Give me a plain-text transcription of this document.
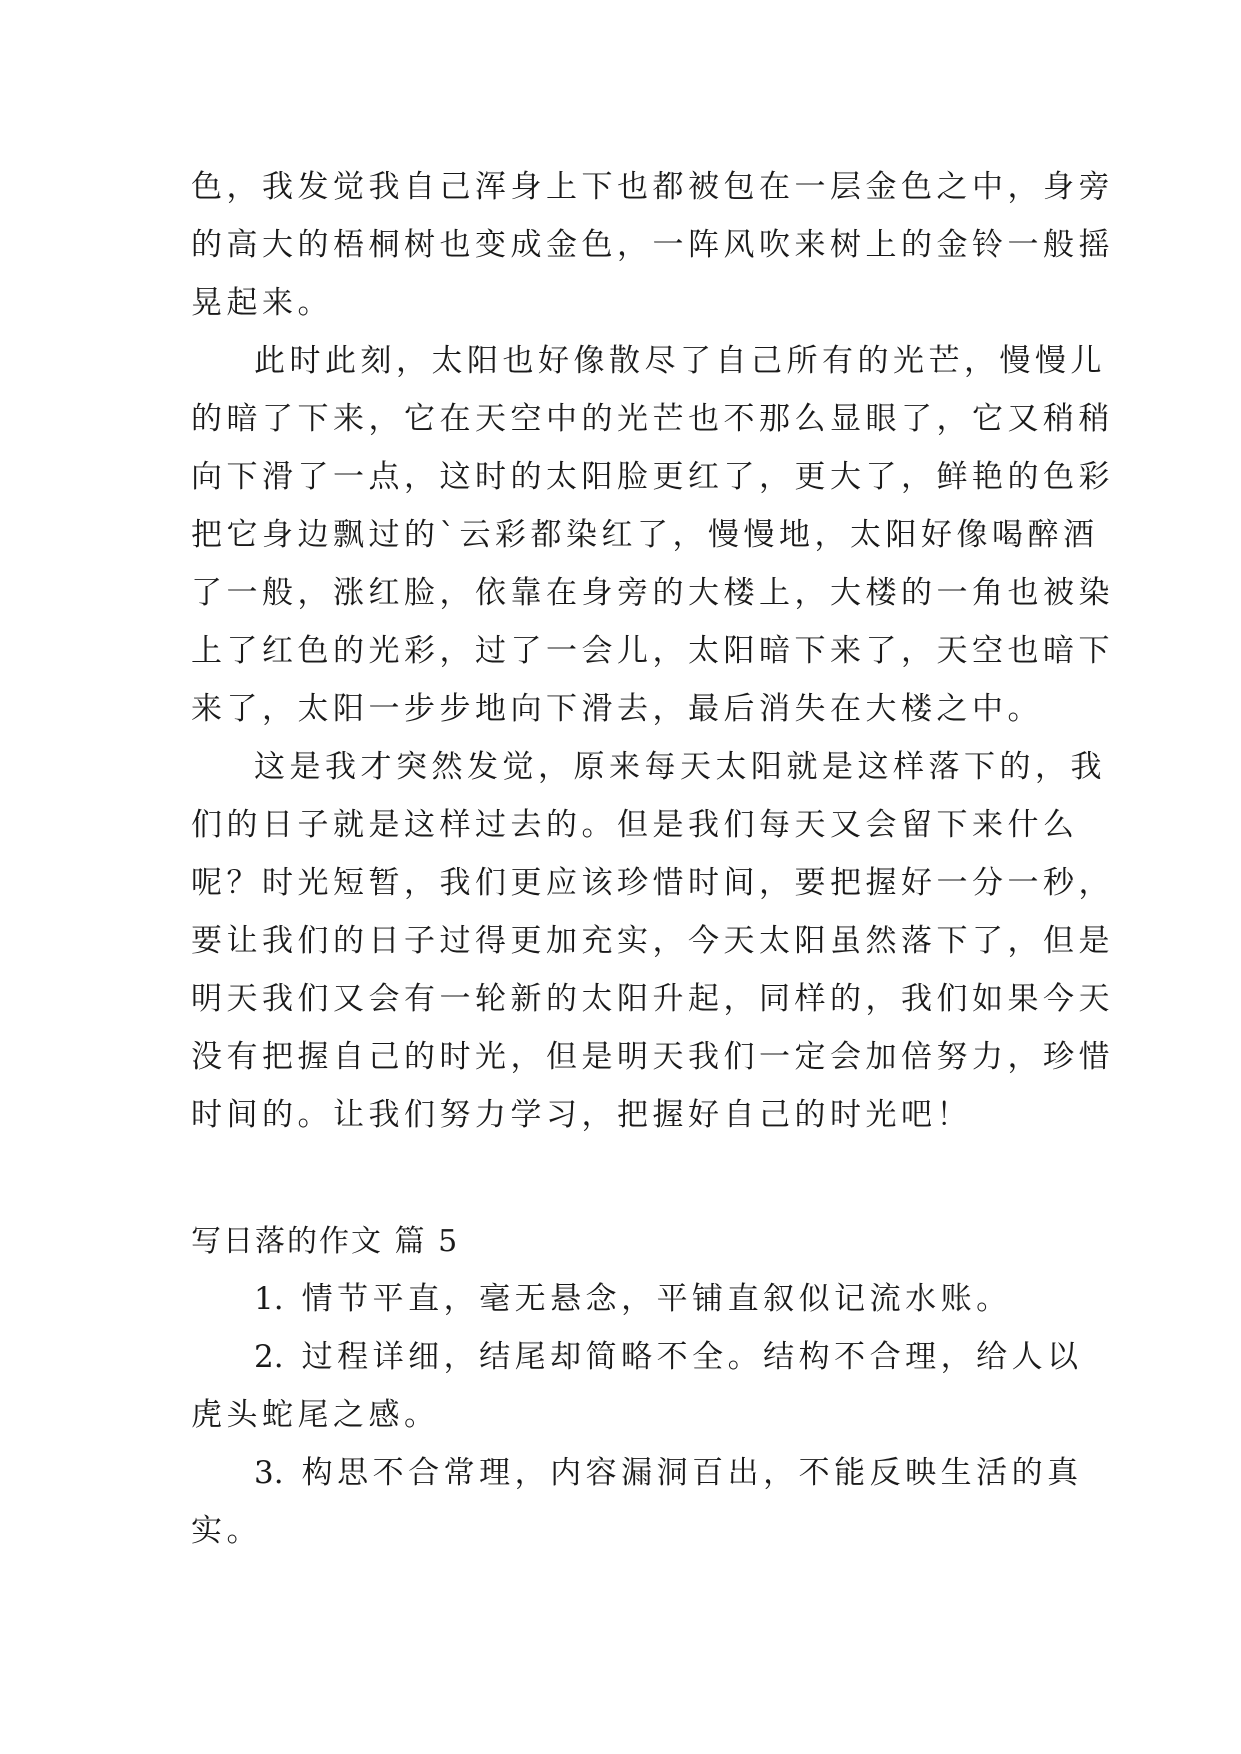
色，我发觉我自己浑身上下也都被包在一层金色之中，身旁
的高大的梧桐树也变成金色，一阵风吹来树上的金铃一般摇
晃起来。
此时此刻，太阳也好像散尽了自己所有的光芒，慢慢儿
的暗了下来，它在天空中的光芒也不那么显眼了，它又稍稍
向下滑了一点，这时的太阳脸更红了，更大了，鲜艳的色彩
把它身边飘过的`云彩都染红了，慢慢地，太阳好像喝醉酒
了一般，涨红脸，依靠在身旁的大楼上，大楼的一角也被染
上了红色的光彩，过了一会儿，太阳暗下来了，天空也暗下
来了，太阳一步步地向下滑去，最后消失在大楼之中。
这是我才突然发觉，原来每天太阳就是这样落下的，我
们的日子就是这样过去的。但是我们每天又会留下来什么
呢？时光短暂，我们更应该珍惜时间，要把握好一分一秒，
要让我们的日子过得更加充实，今天太阳虽然落下了，但是
明天我们又会有一轮新的太阳升起，同样的，我们如果今天
没有把握自己的时光，但是明天我们一定会加倍努力，珍惜
时间的。让我们努力学习，把握好自己的时光吧！
写日落的作文 篇 5
1. 情节平直，毫无悬念，平铺直叙似记流水账。
2. 过程详细，结尾却简略不全。结构不合理，给人以
虎头蛇尾之感。
3. 构思不合常理，内容漏洞百出，不能反映生活的真
实。
